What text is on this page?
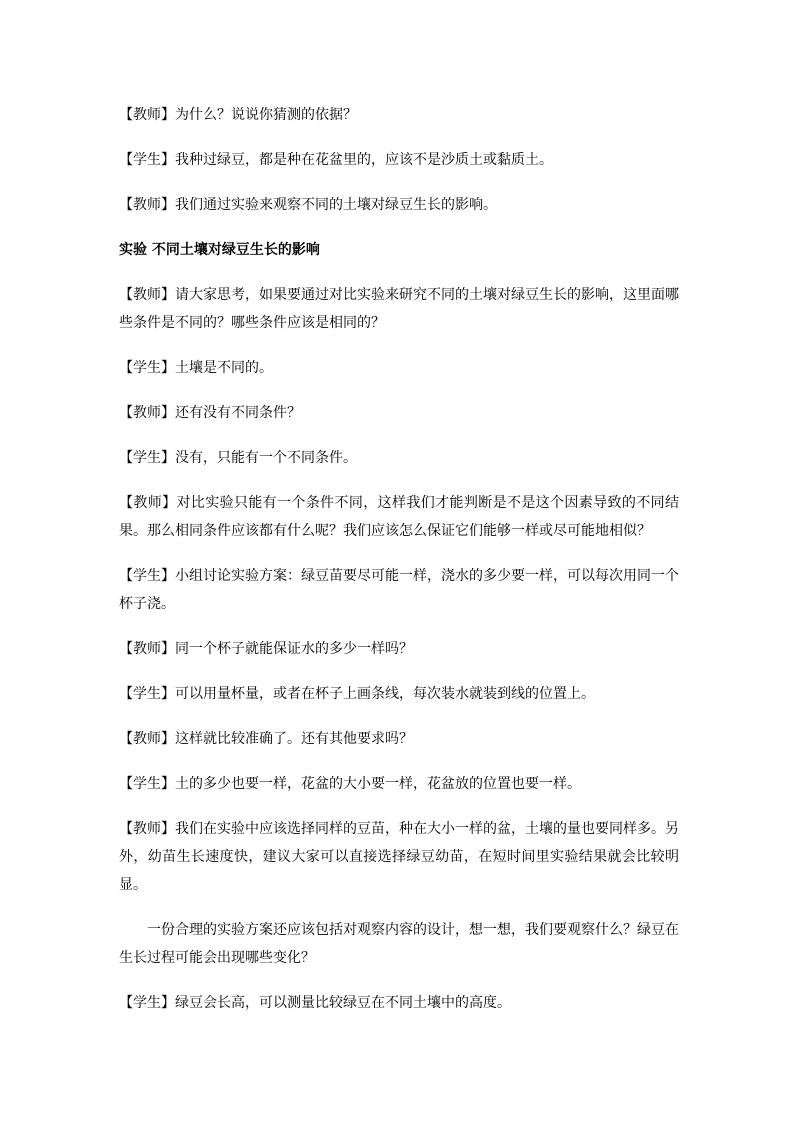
【教师】为什么？说说你猜测的依据？

【学生】我种过绿豆，都是种在花盆里的，应该不是沙质土或黏质土。

【教师】我们通过实验来观察不同的土壤对绿豆生长的影响。

实验 不同土壤对绿豆生长的影响

【教师】请大家思考，如果要通过对比实验来研究不同的土壤对绿豆生长的影响，这里面哪些条件是不同的？哪些条件应该是相同的？

【学生】土壤是不同的。

【教师】还有没有不同条件？

【学生】没有，只能有一个不同条件。

【教师】对比实验只能有一个条件不同，这样我们才能判断是不是这个因素导致的不同结果。那么相同条件应该都有什么呢？我们应该怎么保证它们能够一样或尽可能地相似？

【学生】小组讨论实验方案：绿豆苗要尽可能一样，浇水的多少要一样，可以每次用同一个杯子浇。

【教师】同一个杯子就能保证水的多少一样吗？

【学生】可以用量杯量，或者在杯子上画条线，每次装水就装到线的位置上。

【教师】这样就比较准确了。还有其他要求吗？

【学生】土的多少也要一样，花盆的大小要一样，花盆放的位置也要一样。

【教师】我们在实验中应该选择同样的豆苗，种在大小一样的盆，土壤的量也要同样多。另外，幼苗生长速度快，建议大家可以直接选择绿豆幼苗，在短时间里实验结果就会比较明显。

一份合理的实验方案还应该包括对观察内容的设计，想一想，我们要观察什么？绿豆在生长过程可能会出现哪些变化？

【学生】绿豆会长高，可以测量比较绿豆在不同土壤中的高度。
